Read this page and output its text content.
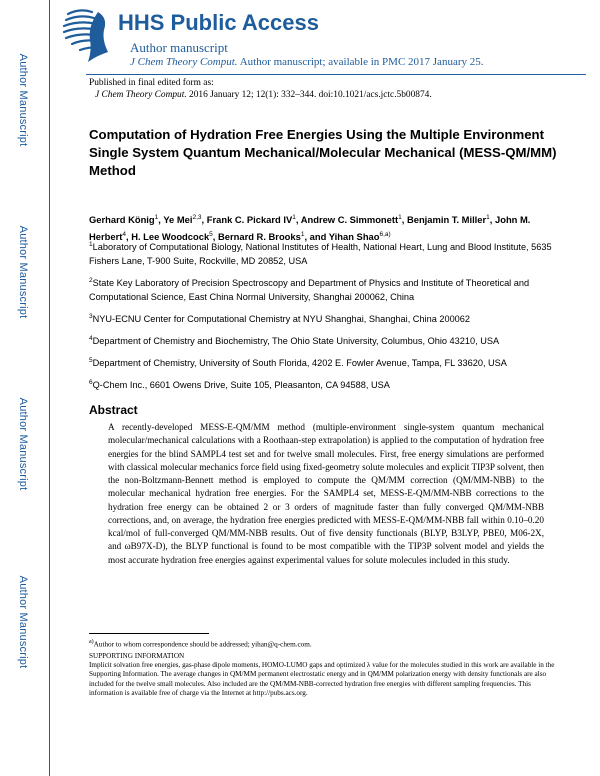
Author Manuscript
Author Manuscript
Author Manuscript
Author Manuscript
HHS Public Access
Author manuscript
J Chem Theory Comput. Author manuscript; available in PMC 2017 January 25.
Published in final edited form as:
J Chem Theory Comput. 2016 January 12; 12(1): 332–344. doi:10.1021/acs.jctc.5b00874.
Computation of Hydration Free Energies Using the Multiple Environment Single System Quantum Mechanical/Molecular Mechanical (MESS-QM/MM) Method
Gerhard König$^1$, Ye Mei$^{2,3}$, Frank C. Pickard $IV^1$, Andrew C. Simmonett$^1$, Benjamin T. Miller$^1$, John M. Herbert$^4$, H. Lee Woodcock$^5$, Bernard R. Brooks$^1$, and Yihan Shao$^{6,a)}$
$^1$Laboratory of Computational Biology, National Institutes of Health, National Heart, Lung and Blood Institute, 5635 Fishers Lane, T-900 Suite, Rockville, MD 20852, USA
$^2$State Key Laboratory of Precision Spectroscopy and Department of Physics and Institute of Theoretical and Computational Science, East China Normal University, Shanghai 200062, China
$^3$NYU-ECNU Center for Computational Chemistry at NYU Shanghai, Shanghai, China 200062
$^4$Department of Chemistry and Biochemistry, The Ohio State University, Columbus, Ohio 43210, USA
$^5$Department of Chemistry, University of South Florida, 4202 E. Fowler Avenue, Tampa, FL 33620, USA
$^6$Q-Chem Inc., 6601 Owens Drive, Suite 105, Pleasanton, CA 94588, USA
Abstract
A recently-developed MESS-E-QM/MM method (multiple-environment single-system quantum mechanical molecular/mechanical calculations with a Roothaan-step extrapolation) is applied to the computation of hydration free energies for the blind SAMPL4 test set and for twelve small molecules. First, free energy simulations are performed with classical molecular mechanics force field using fixed-geometry solute molecules and explicit TIP3P solvent, then the non-Boltzmann-Bennett method is employed to compute the QM/MM correction (QM/MM-NBB) to the molecular mechanical hydration free energies. For the SAMPL4 set, MESS-E-QM/MM-NBB corrections to the hydration free energy can be obtained 2 or 3 orders of magnitude faster than fully converged QM/MM-NBB corrections, and, on average, the hydration free energies predicted with MESS-E-QM/MM-NBB fall within 0.10–0.20 kcal/mol of full-converged QM/MM-NBB results. Out of five density functionals (BLYP, B3LYP, PBE0, M06-2X, and ωB97X-D), the BLYP functional is found to be most compatible with the TIP3P solvent model and yields the most accurate hydration free energies against experimental values for solute molecules included in this study.
$^{a)}$Author to whom correspondence should be addressed; yihan@q-chem.com.
SUPPORTING INFORMATION
Implicit solvation free energies, gas-phase dipole moments, HOMO-LUMO gaps and optimized λ value for the molecules studied in this work are available in the Supporting Information. The average changes in QM/MM permanent electrostatic energy and in QM/MM polarization energy with density functionals are also included for the twelve small molecules. Also included are the QM/MM-NBB-corrected hydration free energies with different sampling frequencies. This information is available free of charge via the Internet at http://pubs.acs.org.
